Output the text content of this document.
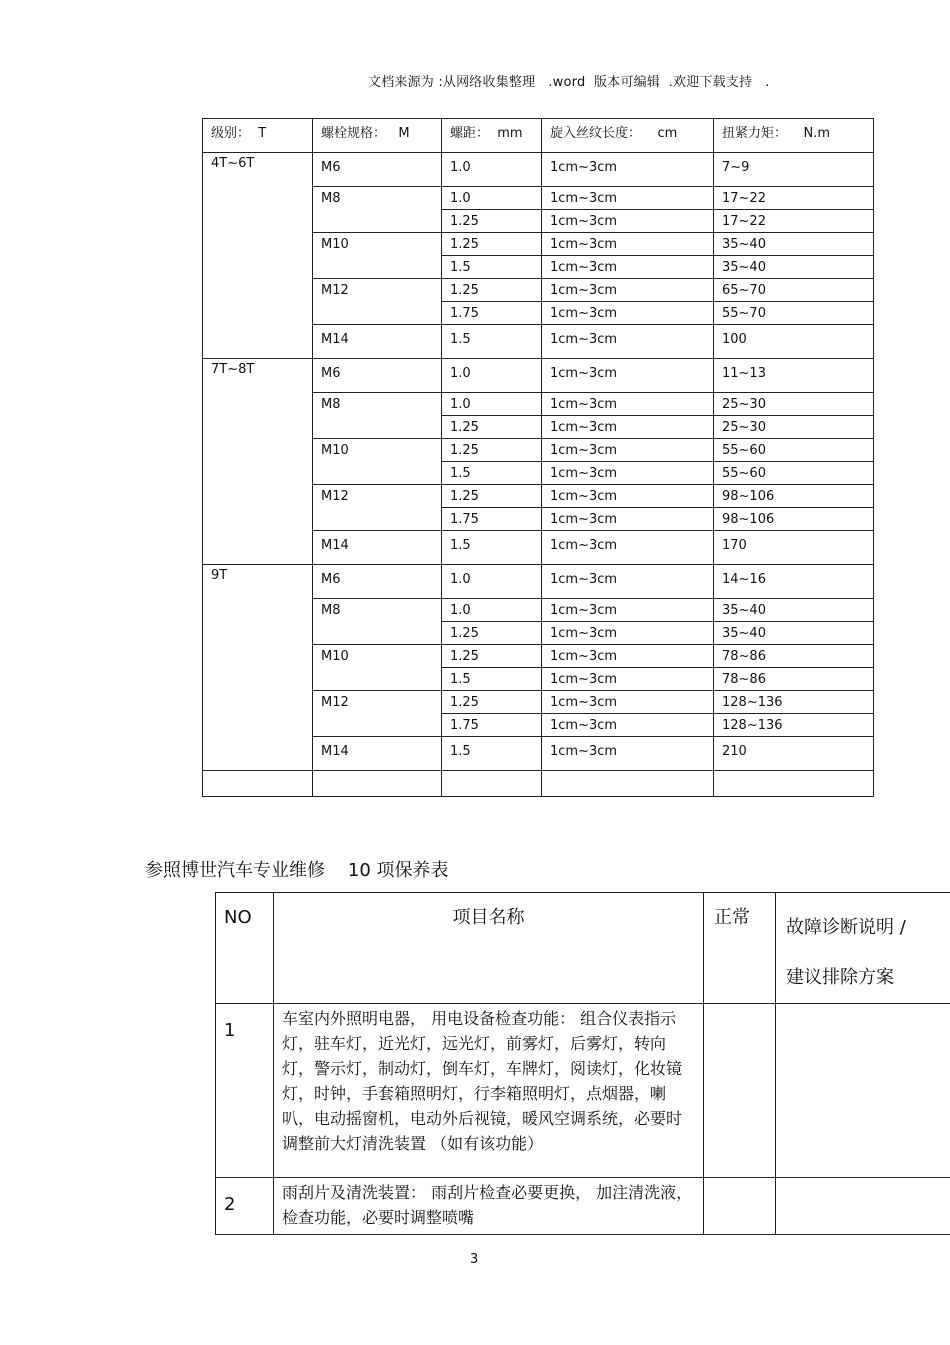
文档来源为 :从网络收集整理   .word  版本可编辑  .欢迎下载支持   .
级别：  T	螺栓规格：   M	螺距：  mm	旋入丝纹长度：    cm	扭紧力矩：    N.m
4T~6T	M6	1.0	1cm~3cm	7~9
	M8	1.0	1cm~3cm	17~22
		1.25	1cm~3cm	17~22
	M10	1.25	1cm~3cm	35~40
		1.5	1cm~3cm	35~40
	M12	1.25	1cm~3cm	65~70
		1.75	1cm~3cm	55~70
	M14	1.5	1cm~3cm	100
7T~8T	M6	1.0	1cm~3cm	11~13
	M8	1.0	1cm~3cm	25~30
		1.25	1cm~3cm	25~30
	M10	1.25	1cm~3cm	55~60
		1.5	1cm~3cm	55~60
	M12	1.25	1cm~3cm	98~106
		1.75	1cm~3cm	98~106
	M14	1.5	1cm~3cm	170
9T	M6	1.0	1cm~3cm	14~16
	M8	1.0	1cm~3cm	35~40
		1.25	1cm~3cm	35~40
	M10	1.25	1cm~3cm	78~86
		1.5	1cm~3cm	78~86
	M12	1.25	1cm~3cm	128~136
		1.75	1cm~3cm	128~136
	M14	1.5	1cm~3cm	210

参照博世汽车专业维修    10 项保养表
NO	项目名称	正常	故障诊断说明 /
建议排除方案

1	车室内外照明电器， 用电设备检查功能： 组合仪表指示灯，驻车灯，近光灯，远光灯，前雾灯，后雾灯，转向灯，警示灯，制动灯，倒车灯，车牌灯，阅读灯，化妆镜灯，时钟，手套箱照明灯，行李箱照明灯，点烟器，喇叭，电动摇窗机，电动外后视镜，暖风空调系统，必要时调整前大灯清洗装置 （如有该功能）		
2	雨刮片及清洗装置： 雨刮片检查必要更换， 加注清洗液，检查功能，必要时调整喷嘴		
3
